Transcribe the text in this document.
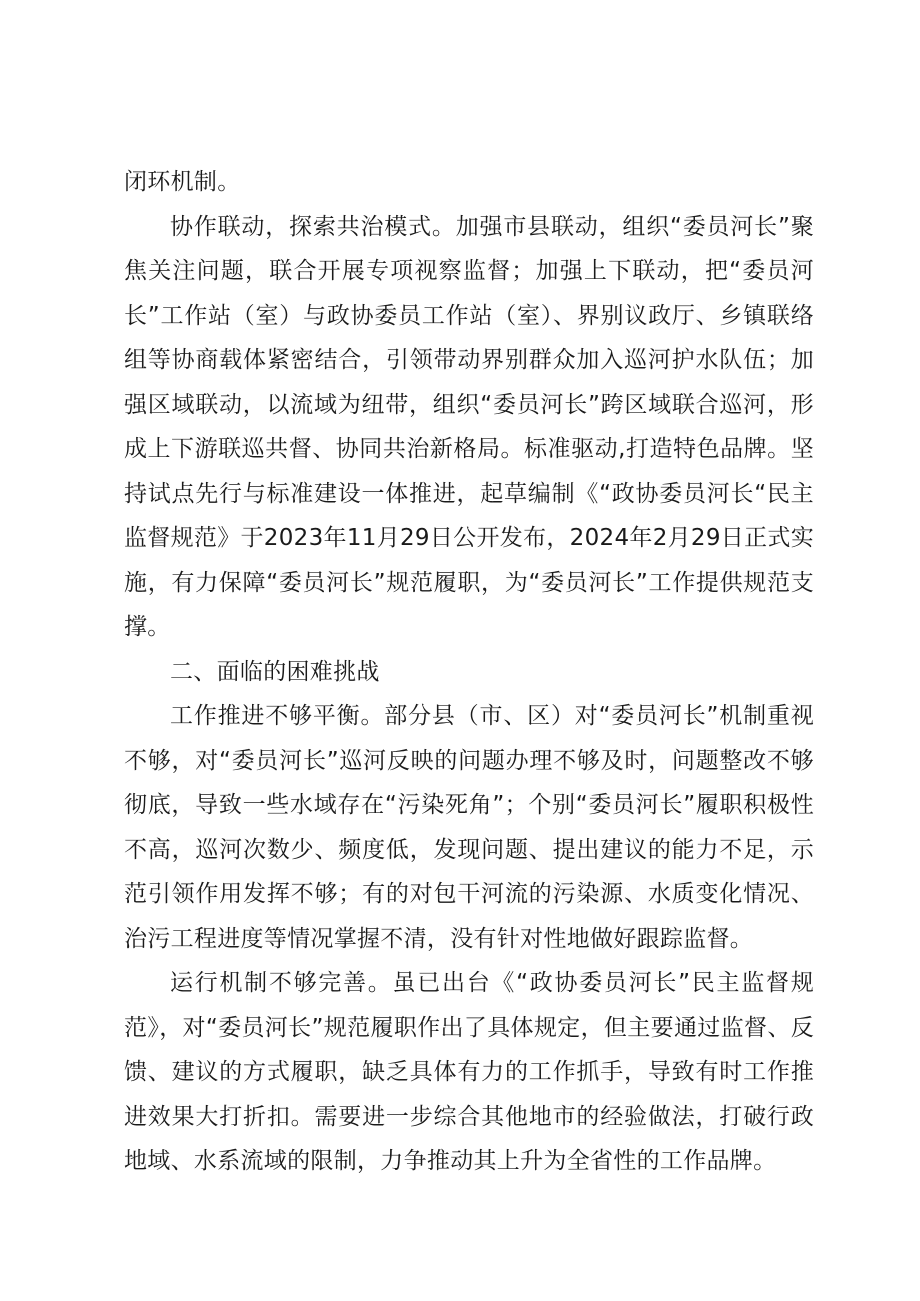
闭环机制。

协作联动，探索共治模式。加强市县联动，组织“委员河长”聚焦关注问题，联合开展专项视察监督；加强上下联动，把“委员河长”工作站（室）与政协委员工作站（室）、界别议政厅、乡镇联络组等协商载体紧密结合，引领带动界别群众加入巡河护水队伍；加强区域联动，以流域为纽带，组织“委员河长”跨区域联合巡河，形成上下游联巡共督、协同共治新格局。标准驱动,打造特色品牌。坚持试点先行与标准建设一体推进，起草编制《“政协委员河长“民主监督规范》于2023年11月29日公开发布，2024年2月29日正式实施，有力保障“委员河长”规范履职，为“委员河长”工作提供规范支撑。

二、面临的困难挑战

工作推进不够平衡。部分县（市、区）对“委员河长”机制重视不够，对“委员河长”巡河反映的问题办理不够及时，问题整改不够彻底，导致一些水域存在“污染死角”；个别“委员河长”履职积极性不高，巡河次数少、频度低，发现问题、提出建议的能力不足，示范引领作用发挥不够；有的对包干河流的污染源、水质变化情况、治污工程进度等情况掌握不清，没有针对性地做好跟踪监督。

运行机制不够完善。虽已出台《“政协委员河长”民主监督规范》，对“委员河长”规范履职作出了具体规定，但主要通过监督、反馈、建议的方式履职，缺乏具体有力的工作抓手，导致有时工作推进效果大打折扣。需要进一步综合其他地市的经验做法，打破行政地域、水系流域的限制，力争推动其上升为全省性的工作品牌。
